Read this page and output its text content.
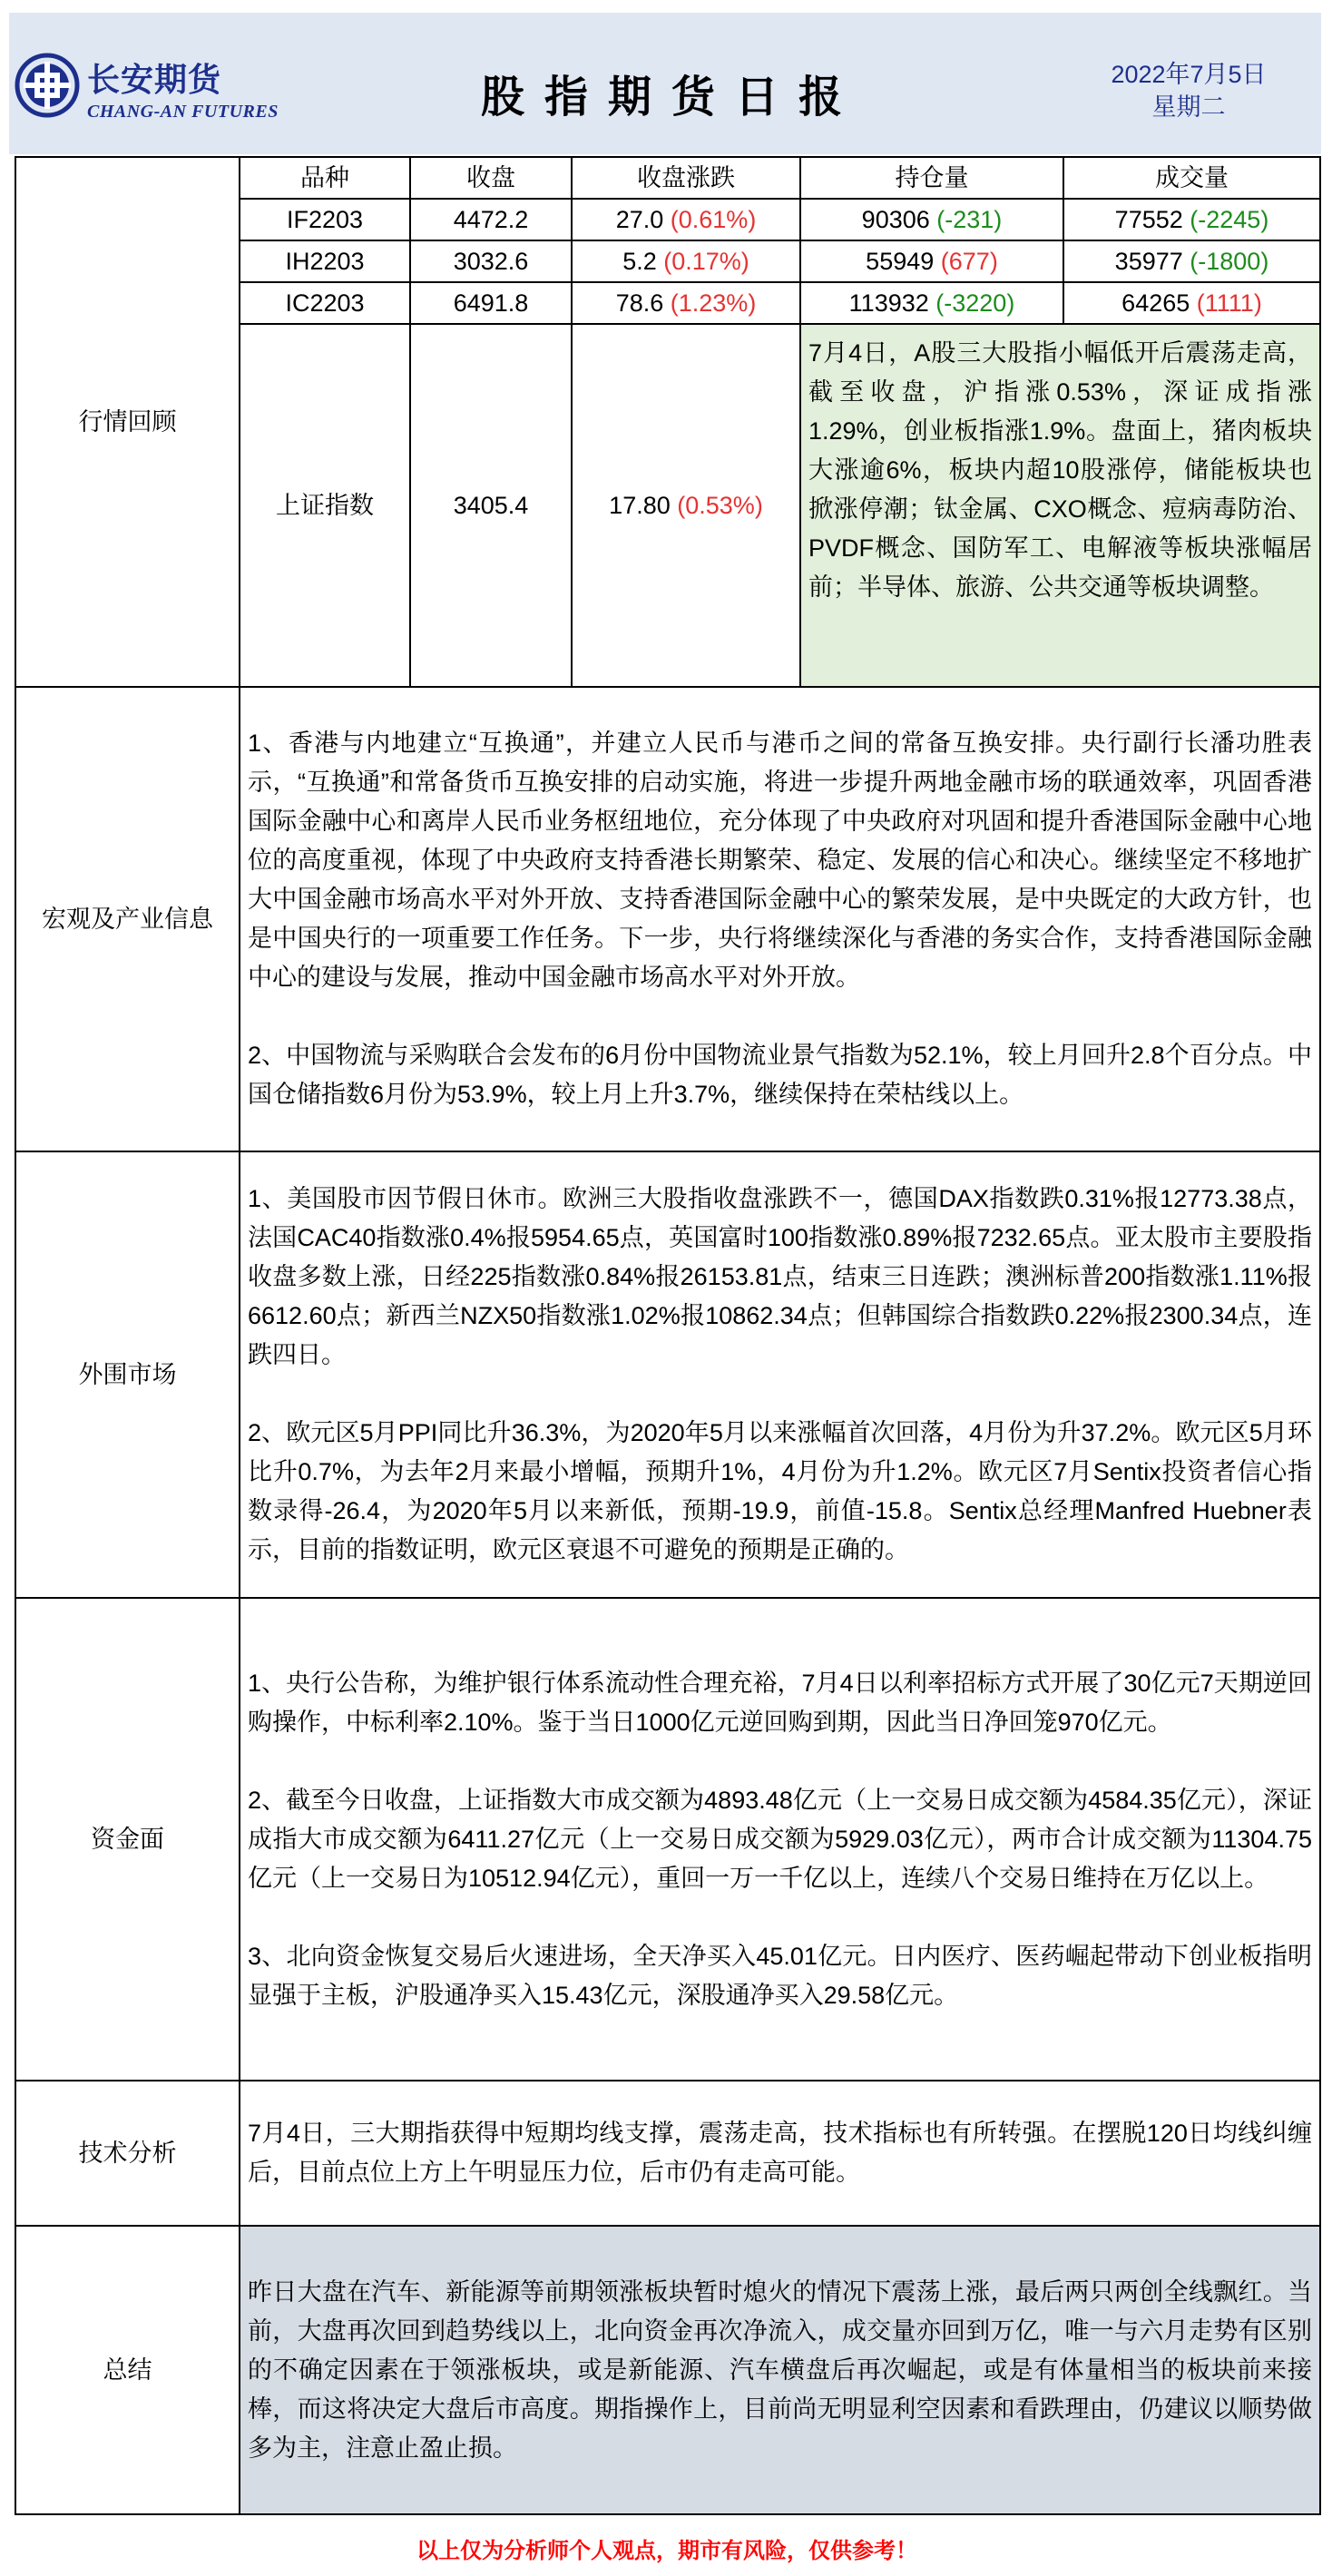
长安期货
CHANG-AN FUTURES	股指期货日报	2022年7月5日
星期二
行情回顾	品种	收盘	收盘涨跌	持仓量	成交量
	IF2203	4472.2	27.0 (0.61%)	90306 (-231)	77552 (-2245)
	IH2203	3032.6	5.2 (0.17%)	55949 (677)	35977 (-1800)
	IC2203	6491.8	78.6 (1.23%)	113932 (-3220)	64265 (1111)
	上证指数	3405.4	17.80 (0.53%)	7月4日，A股三大股指小幅低开后震荡走高，截至收盘，沪指涨0.53%，深证成指涨1.29%，创业板指涨1.9%。盘面上，猪肉板块大涨逾6%，板块内超10股涨停，储能板块也掀涨停潮；钛金属、CXO概念、痘病毒防治、PVDF概念、国防军工、电解液等板块涨幅居前；半导体、旅游、公共交通等板块调整。	
宏观及产业信息	1、香港与内地建立“互换通”，并建立人民币与港币之间的常备互换安排。央行副行长潘功胜表示，“互换通”和常备货币互换安排的启动实施，将进一步提升两地金融市场的联通效率，巩固香港国际金融中心和离岸人民币业务枢纽地位，充分体现了中央政府对巩固和提升香港国际金融中心地位的高度重视，体现了中央政府支持香港长期繁荣、稳定、发展的信心和决心。继续坚定不移地扩大中国金融市场高水平对外开放、支持香港国际金融中心的繁荣发展，是中央既定的大政方针，也是中国央行的一项重要工作任务。下一步，央行将继续深化与香港的务实合作，支持香港国际金融中心的建设与发展，推动中国金融市场高水平对外开放。

2、中国物流与采购联合会发布的6月份中国物流业景气指数为52.1%，较上月回升2.8个百分点。中国仓储指数6月份为53.9%，较上月上升3.7%，继续保持在荣枯线以上。				

外围市场	1、美国股市因节假日休市。欧洲三大股指收盘涨跌不一，德国DAX指数跌0.31%报12773.38点，法国CAC40指数涨0.4%报5954.65点，英国富时100指数涨0.89%报7232.65点。亚太股市主要股指收盘多数上涨，日经225指数涨0.84%报26153.81点，结束三日连跌；澳洲标普200指数涨1.11%报6612.60点；新西兰NZX50指数涨1.02%报10862.34点；但韩国综合指数跌0.22%报2300.34点，连跌四日。

2、欧元区5月PPI同比升36.3%，为2020年5月以来涨幅首次回落，4月份为升37.2%。欧元区5月环比升0.7%，为去年2月来最小增幅，预期升1%，4月份为升1.2%。欧元区7月Sentix投资者信心指数录得-26.4，为2020年5月以来新低，预期-19.9，前值-15.8。Sentix总经理Manfred Huebner表示，目前的指数证明，欧元区衰退不可避免的预期是正确的。				

资金面	1、央行公告称，为维护银行体系流动性合理充裕，7月4日以利率招标方式开展了30亿元7天期逆回购操作，中标利率2.10%。鉴于当日1000亿元逆回购到期，因此当日净回笼970亿元。

2、截至今日收盘，上证指数大市成交额为4893.48亿元（上一交易日成交额为4584.35亿元），深证成指大市成交额为6411.27亿元（上一交易日成交额为5929.03亿元），两市合计成交额为11304.75亿元（上一交易日为10512.94亿元），重回一万一千亿以上，连续八个交易日维持在万亿以上。

3、北向资金恢复交易后火速进场，全天净买入45.01亿元。日内医疗、医药崛起带动下创业板指明显强于主板，沪股通净买入15.43亿元，深股通净买入29.58亿元。				

技术分析	7月4日，三大期指获得中短期均线支撑，震荡走高，技术指标也有所转强。在摆脱120日均线纠缠后，目前点位上方上午明显压力位，后市仍有走高可能。				
总结	昨日大盘在汽车、新能源等前期领涨板块暂时熄火的情况下震荡上涨，最后两只两创全线飘红。当前，大盘再次回到趋势线以上，北向资金再次净流入，成交量亦回到万亿，唯一与六月走势有区别的不确定因素在于领涨板块，或是新能源、汽车横盘后再次崛起，或是有体量相当的板块前来接棒，而这将决定大盘后市高度。期指操作上，目前尚无明显利空因素和看跌理由，仍建议以顺势做多为主，注意止盈止损。				
以上仅为分析师个人观点，期市有风险，仅供参考！
